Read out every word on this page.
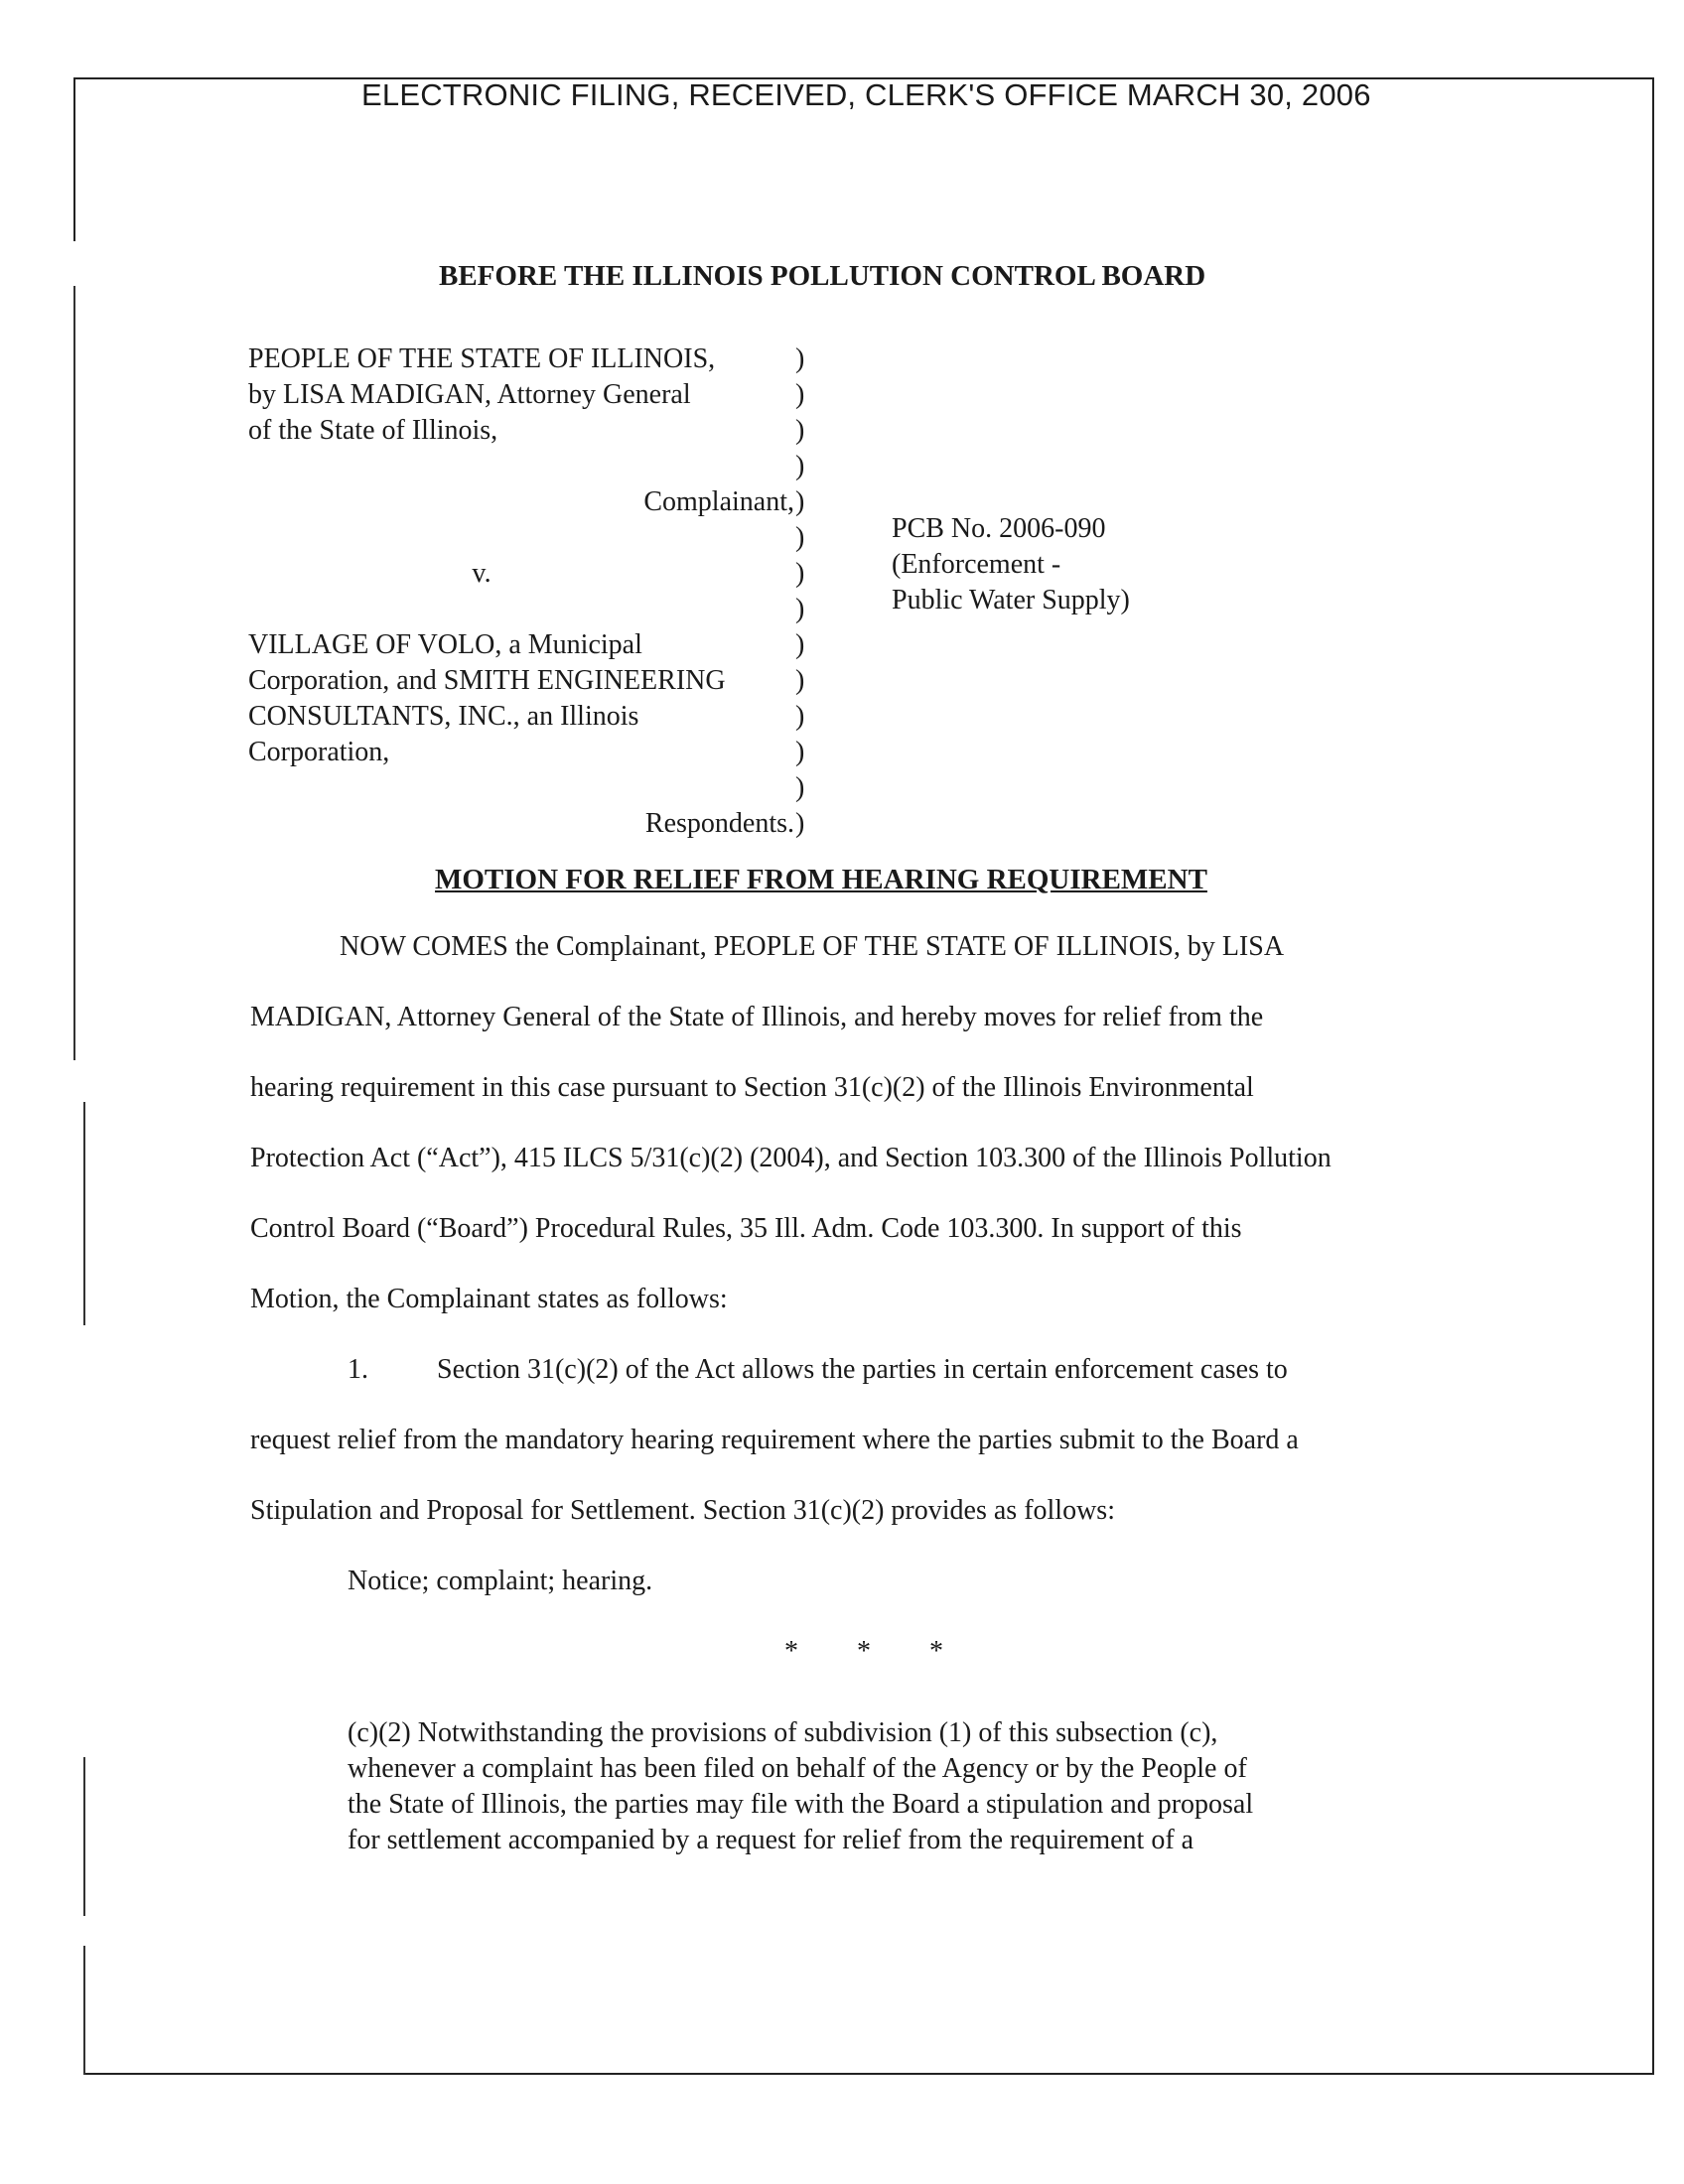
ELECTRONIC FILING, RECEIVED, CLERK'S OFFICE MARCH 30, 2006
BEFORE THE ILLINOIS POLLUTION CONTROL BOARD
PEOPLE OF THE STATE OF ILLINOIS,
by LISA MADIGAN, Attorney General
of the State of Illinois,
Complainant,
v.
VILLAGE OF VOLO, a Municipal
Corporation, and SMITH ENGINEERING
CONSULTANTS, INC., an Illinois
Corporation,
Respondents.
)
)
)
)
)
)
)
)
)
)
)
)
)
)
PCB No. 2006-090
(Enforcement -
Public Water Supply)
MOTION FOR RELIEF FROM HEARING REQUIREMENT
NOW COMES the Complainant, PEOPLE OF THE STATE OF ILLINOIS, by LISA
MADIGAN, Attorney General of the State of Illinois, and hereby moves for relief from the
hearing requirement in this case pursuant to Section 31(c)(2) of the Illinois Environmental
Protection Act (“Act”), 415 ILCS 5/31(c)(2) (2004), and Section 103.300 of the Illinois Pollution
Control Board (“Board”) Procedural Rules, 35 Ill. Adm. Code 103.300. In support of this
Motion, the Complainant states as follows:
1. Section 31(c)(2) of the Act allows the parties in certain enforcement cases to
request relief from the mandatory hearing requirement where the parties submit to the Board a
Stipulation and Proposal for Settlement. Section 31(c)(2) provides as follows:
Notice; complaint; hearing.
* * *
(c)(2) Notwithstanding the provisions of subdivision (1) of this subsection (c),
whenever a complaint has been filed on behalf of the Agency or by the People of
the State of Illinois, the parties may file with the Board a stipulation and proposal
for settlement accompanied by a request for relief from the requirement of a
